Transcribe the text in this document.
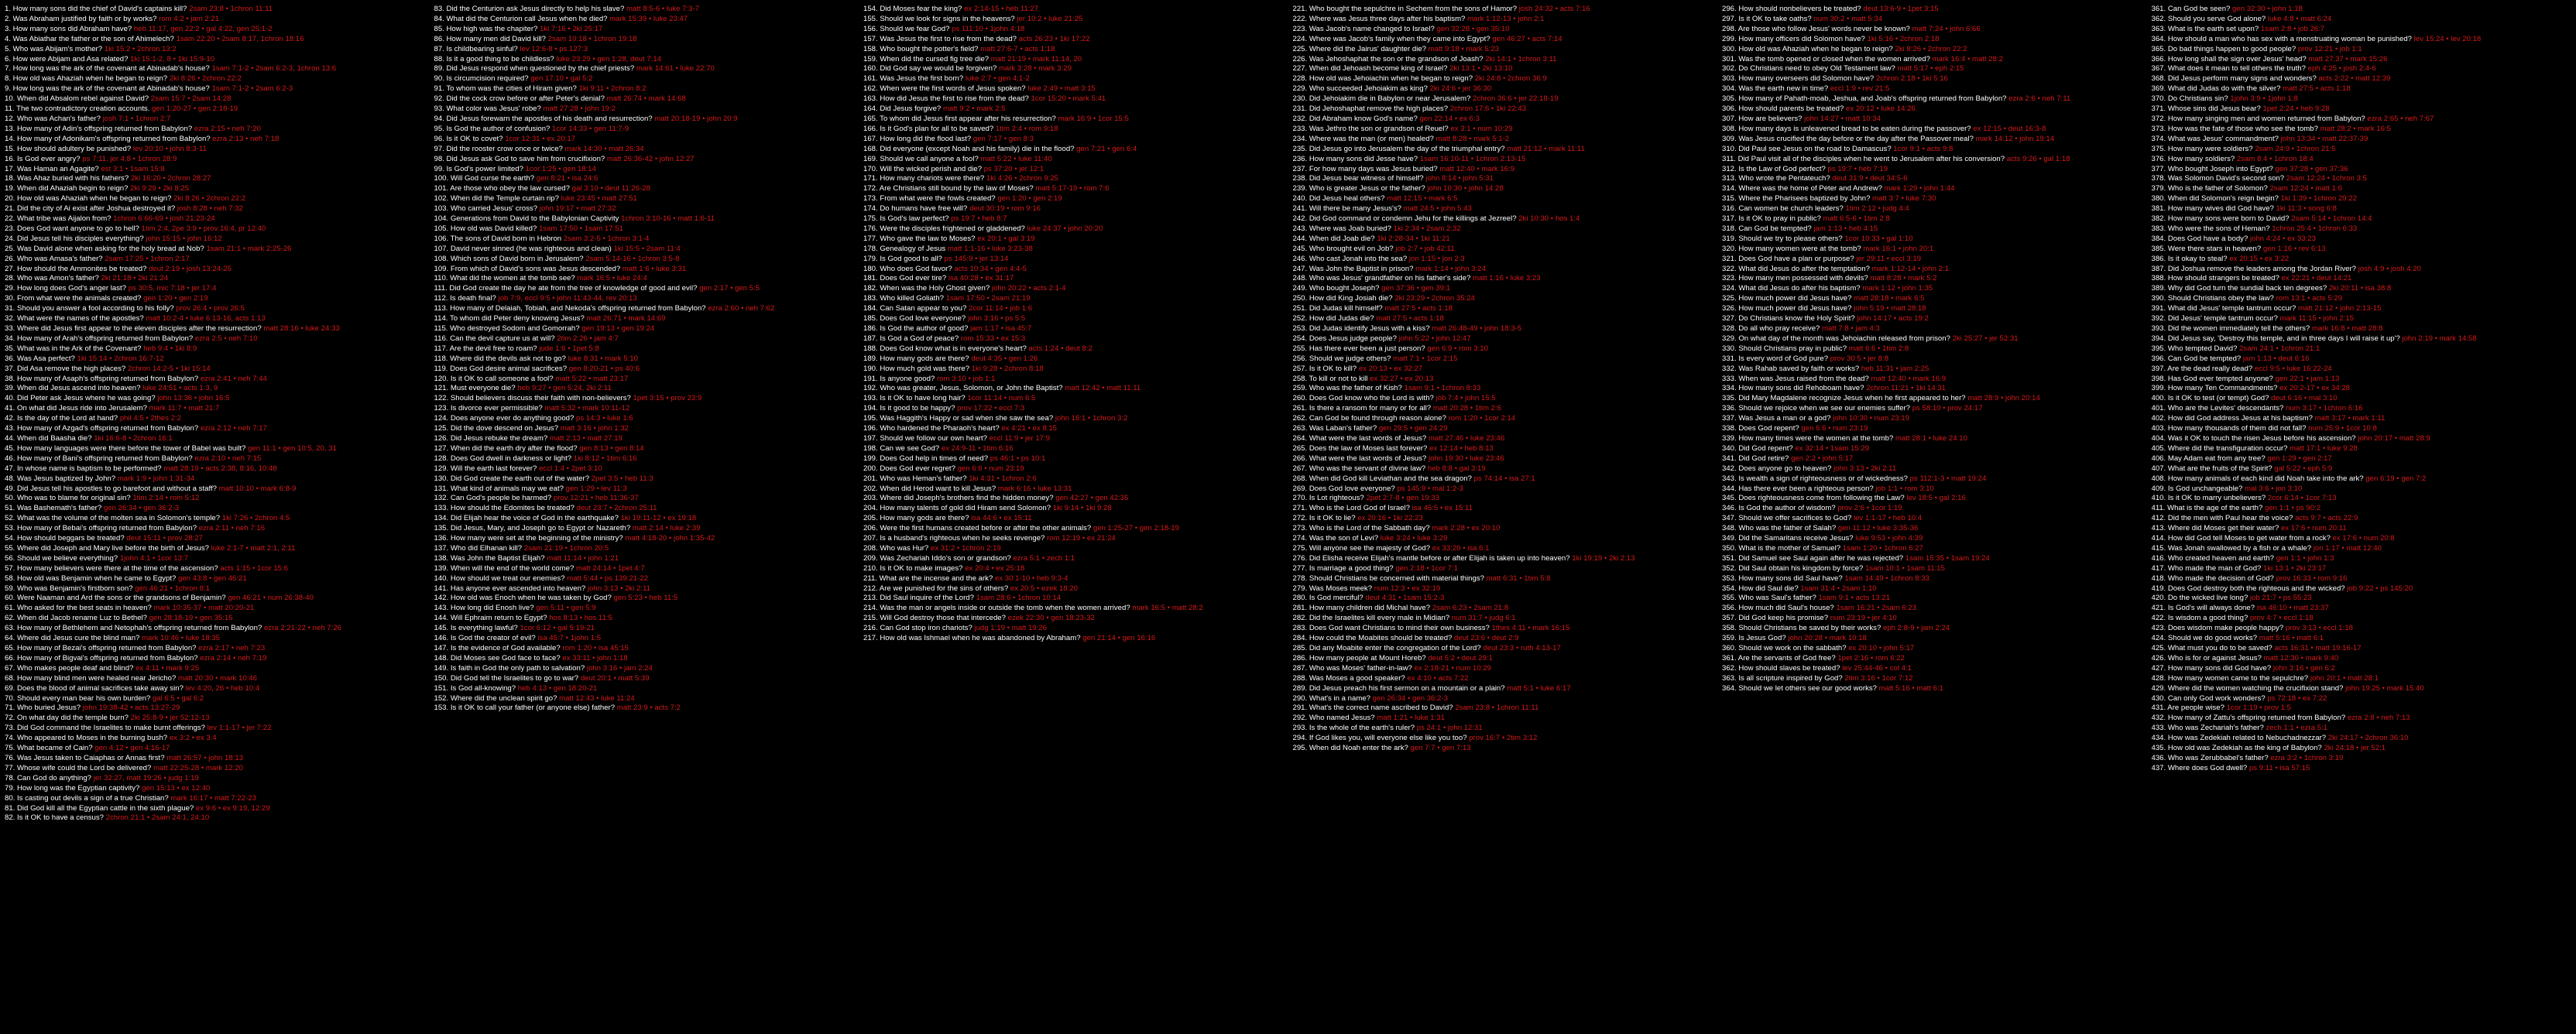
1. How many sons did the chief of David's captains kill? 2sam 23:8 • 1chron 11:11
2. Was Abraham justified by faith or by works? rom 4:2 • jam 2:21
3. How many sons did Abraham have? heb 11:17, gen 22:2 • gal 4:22, gen 25:1-2
4. Was Abiathar the father or the son of Ahimelech? 1sam 22:20 • 2sam 8:17, 1chron 18:16
5. Who was Abijam's mother? 1ki 15:2 • 2chron 13:2
6. How were Abijam and Asa related? 1ki 15:1-2, 8 • 1ki 15:9-10
7. How long was the ark of the covenant at Abinadab's house? 1sam 7:1-2 • 2sam 6:2-3, 1chron 13:6
8. How old was Ahaziah when he began to reign? 2ki 8:26 • 2chron 22:2
9. How long was the ark of the covenant at Abinadab's house? 1sam 7:1-2 • 2sam 6:2-3
10. When did Absalom rebel against David? 2sam 15:7 • 2sam 14:28
11. The two contradictory creation accounts. gen 1:20-27 • gen 2:18-19
12. Who was Achan's father? josh 7:1 • 1chron 2:7
13. How many of Adin's offspring returned from Babylon? ezra 2:15 • neh 7:20
14. How many of Adonikam's offspring returned from Babylon? ezra 2:13 • neh 7:18
15. How should adultery be punished? lev 20:10 • john 8:3-11
16. Is God ever angry? ps 7:11, jer 4:8 • 1chron 28:9
17. Was Haman an Agagite? est 3:1 • 1sam 15:8
18. Was Ahaz buried with his fathers? 2ki 16:20 • 2chron 28:27
19. When did Ahaziah begin to reign? 2ki 9:29 • 2ki 8:25
20. How old was Ahaziah when he began to reign? 2ki 8:26 • 2chron 22:2
21. Did the city of Ai exist after Joshua destroyed it? josh 8:28 • neh 7:32
22. What tribe was Aijalon from? 1chron 6:66-69 • josh 21:23-24
23. Does God want anyone to go to hell? 1tim 2:4, 2pe 3:9 • prov 16:4, pr 12:40
24. Did Jesus tell his disciples everything? john 15:15 • john 16:12
25. Was David alone when asking for the holy bread at Nob? 1sam 21:1 • mark 2:25-26
26. Who was Amasa's father? 2sam 17:25 • 1chron 2:17
27. How should the Ammonites be treated? deut 2:19 • josh 13:24-25
28. Who was Amon's father? 2ki 21:18 • 2ki 21:24
29. How long does God's anger last? ps 30:5, mic 7:18 • jer 17:4
30. From what were the animals created? gen 1:20 • gen 2:19
31. Should you answer a fool according to his folly? prov 26:4 • prov 26:5
32. What were the names of the apostles? matt 10:2-4 • luke 6:13-16, acts 1:13
33. Where did Jesus first appear to the eleven disciples after the resurrection? matt 28:16 • luke 24:33
34. How many of Arah's offspring returned from Babylon? ezra 2:5 • neh 7:10
35. What was in the Ark of the Covenant? heb 9:4 • 1ki 8:9
36. Was Asa perfect? 1ki 15:14 • 2chron 16:7-12
37. Did Asa remove the high places? 2chron 14:2-5 • 1ki 15:14
38. How many of Asaph's offspring returned from Babylon? ezra 2:41 • neh 7:44
39. When did Jesus ascend into heaven? luke 24:51 • acts 1:3, 9
40. Did Peter ask Jesus where he was going? john 13:36 • john 16:5
41. On what did Jesus ride into Jerusalem? mark 11:7 • matt 21:7
42. Is the day of the Lord at hand? phil 4:5 • 2thes 2:2
43. How many of Azgad's offspring returned from Babylon? ezra 2:12 • neh 7:17
44. When did Baasha die? 1ki 16:6-8 • 2chron 16:1
45. How many languages were there before the tower of Babel was built? gen 11:1 • gen 10:5, 20, 31
46. How many of Bani's offspring returned from Babylon? ezra 2:10 • neh 7:15
47. In whose name is baptism to be performed? matt 28:19 • acts 2:38, 8:16, 10:48
48. Was Jesus baptized by John? mark 1:9 • john 1:31-34
49. Did Jesus tell his apostles to go barefoot and without a staff? matt 10:10 • mark 6:8-9
50. Who was to blame for original sin? 1tim 2:14 • rom 5:12
51. Was Bashemath's father? gen 26:34 • gen 36:2-3
52. What was the volume of the molten sea in Solomon's temple? 1ki 7:26 • 2chron 4:5
53. How many of Bebai's offspring returned from Babylon? ezra 2:11 • neh 7:16
54. How should beggars be treated? deut 15:11 • prov 28:27
55. Where did Joseph and Mary live before the birth of Jesus? luke 2:1-7 • matt 2:1, 2:11
56. Should we believe everything? 1john 4:1 • 1cor 13:7
57. How many believers were there at the time of the ascension? acts 1:15 • 1cor 15:6
58. How old was Benjamin when he came to Egypt? gen 43:8 • gen 46:21
59. Who was Benjamin's firstborn son? gen 46:21 • 1chron 8:1
60. Were Naaman and Ard the sons or the grandsons of Benjamin? gen 46:21 • num 26:38-40
61. Who asked for the best seats in heaven? mark 10:35-37 • matt 20:20-21
62. When did Jacob rename Luz to Bethel? gen 28:18-19 • gen 35:15
63. How many of Bethlehem and Netophah's offspring returned from Babylon? ezra 2:21-22 • neh 7:26
64. Where did Jesus cure the blind man? mark 10:46 • luke 18:35
65. How many of Bezai's offspring returned from Babylon? ezra 2:17 • neh 7:23
66. How many of Bigvai's offspring returned from Babylon? ezra 2:14 • neh 7:19
67. Who makes people deaf and blind? ex 4:11 • mark 9:25
68. How many blind men were healed near Jericho? matt 20:30 • mark 10:46
69. Does the blood of animal sacrifices take away sin? lev 4:20, 26 • heb 10:4
70. Should every man bear his own burden? gal 6:5 • gal 6:2
71. Who buried Jesus? john 19:38-42 • acts 13:27-29
72. On what day did the temple burn? 2ki 25:8-9 • jer 52:12-13
73. Did God command the Israelites to make burnt offerings? lev 1:1-17 • jer 7:22
74. Who appeared to Moses in the burning bush? ex 3:2 • ex 3:4
75. What became of Cain? gen 4:12 • gen 4:16-17
76. Was Jesus taken to Caiaphas or Annas first? matt 26:57 • john 18:13
77. Whose wife could the Lord be delivered? matt 22:25-28 • mark 12:20
78. Can God do anything? jer 32:27, matt 19:26 • judg 1:19
79. How long was the Egyptian captivity? gen 15:13 • ex 12:40
80. Is casting out devils a sign of a true Christian? mark 16:17 • matt 7:22-23
81. Did God kill all the Egyptian cattle in the sixth plague? ex 9:6 • ex 9:19, 12:29
82. Is it OK to have a census? 2chron 21:1 • 2sam 24:1, 24:10
83. Did the Centurion ask Jesus directly to help his slave? matt 8:5-6 • luke 7:3-7
84. What did the Centurion call Jesus when he died? mark 15:39 • luke 23:47
85. How high was the chapiter? 1ki 7:16 • 2ki 25:17
86. How many men did David kill? 2sam 10:18 • 1chron 19:18
87. Is childbearing sinful? lev 12:6-8 • ps 127:3
88. Is it a good thing to be childless? luke 23:29 • gen 1:28, deut 7:14
89. Did Jesus respond when questioned by the chief priests? mark 14:61 • luke 22:70
90. Is circumcision required? gen 17:10 • gal 5:2
91. To whom was the cities of Hiram given? 1ki 9:11 • 2chron 8:2
92. Did the cock crow before or after Peter's denial? matt 26:74 • mark 14:68
93. What color was Jesus' robe? matt 27:28 • john 19:2
94. Did Jesus forewarn the apostles of his death and resurrection? matt 20:18-19 • john 20:9
95. Is God the author of confusion? 1cor 14:33 • gen 11:7-9
96. Is it OK to covet? 1cor 12:31 • ex 20:17
97. Did the rooster crow once or twice? mark 14:30 • matt 26:34
98. Did Jesus ask God to save him from crucifixion? matt 26:36-42 • john 12:27
99. Is God's power limited? 1cor 1:25 • gen 18:14
100. Will God curse the earth? gen 8:21 • isa 24:6
101. Are those who obey the law cursed? gal 3:10 • deut 11:26-28
102. When did the Temple curtain rip? luke 23:45 • matt 27:51
103. Who carried Jesus' cross? john 19:17 • matt 27:32
104. Generations from David to the Babylonian Captivity 1chron 3:10-16 • matt 1:6-11
105. How old was David killed? 1sam 17:50 • 1sam 17:51
106. The sons of David born in Hebron 2sam 3:2-5 • 1chron 3:1-4
107. David never sinned (he was righteous and clean) 1ki 15:5 • 2sam 11:4
108. Which sons of David born in Jerusalem? 2sam 5:14-16 • 1chron 3:5-8
109. From which of David's sons was Jesus descended? matt 1:6 • luke 3:31
110. What did the women at the tomb see? mark 16:5 • luke 24:4
111. Did God create the day he ate from the tree of knowledge of good and evil? gen 2:17 • gen 5:5
112. Is death final? job 7:9, eccl 9:5 • john 11:43-44, rev 20:13
113. How many of Delaiah, Tobiah, and Nekoda's offspring returned from Babylon? ezra 2:60 • neh 7:62
114. To whom did Peter deny knowing Jesus? matt 26:71 • mark 14:69
115. Who destroyed Sodom and Gomorrah? gen 19:13 • gen 19:24
116. Can the devil capture us at will? 2tim 2:26 • jam 4:7
117. Are the devil free to roam? jude 1:6 • 1pet 5:8
118. Where did the devils ask not to go? luke 8:31 • mark 5:10
119. Does God desire animal sacrifices? gen 8:20-21 • ps 40:6
120. Is it OK to call someone a fool? matt 5:22 • matt 23:17
121. Must everyone die? heb 9:27 • gen 5:24, 2ki 2:11
122. Should believers discuss their faith with non-believers? 1pet 3:15 • prov 23:9
123. Is divorce ever permissible? matt 5:32 • mark 10:11-12
124. Does anyone ever do anything good? ps 14:3 • luke 1:6
125. Did the dove descend on Jesus? matt 3:16 • john 1:32
126. Did Jesus rebuke the dream? matt 2:13 • matt 27:19
127. When did the earth dry after the flood? gen 8:13 • gen 8:14
128. Does God dwell in darkness or light? 1ki 8:12 • 1tim 6:16
129. Will the earth last forever? eccl 1:4 • 2pet 3:10
130. Did God create the earth out of the water? 2pet 3:5 • heb 11:3
131. What kind of animals may we eat? gen 1:29 • lev 11:3
132. Can God's people be harmed? prov 12:21 • heb 11:36-37
133. How should the Edomites be treated? deut 23:7 • 2chron 25:11
134. Did Elijah hear the voice of God in the earthquake? 1ki 19:11-12 • ex 19:18
135. Did Jesus, Mary, and Joseph go to Egypt or Nazareth? matt 2:14 • luke 2:39
136. How many were set at the beginning of the ministry? matt 4:18-20 • john 1:35-42
137. Who did Elhanan kill? 2sam 21:19 • 1chron 20:5
138. Was John the Baptist Elijah? matt 11:14 • john 1:21
139. When will the end of the world come? matt 24:14 • 1pet 4:7
140. How should we treat our enemies? matt 5:44 • ps 139:21-22
141. Has anyone ever ascended into heaven? john 3:13 • 2ki 2:11
142. How old was Enoch when he was taken by God? gen 5:23 • heb 11:5
143. How long did Enosh live? gen 5:11 • gen 5:9
144. Will Ephraim return to Egypt? hos 8:13 • hos 11:5
145. Is everything lawful? 1cor 6:12 • gal 5:19-21
146. Is God the creator of evil? isa 45:7 • 1john 1:5
147. Is the evidence of God available? rom 1:20 • isa 45:15
148. Did Moses see God face to face? ex 33:11 • john 1:18
149. Is faith in God the only path to salvation? john 3:16 • jam 2:24
150. Did God tell the Israelites to go to war? deut 20:1 • matt 5:39
151. Is God all-knowing? heb 4:13 • gen 18:20-21
152. Where did the unclean spirit go? matt 12:43 • luke 11:24
153. Is it OK to call your father (or anyone else) father? matt 23:9 • acts 7:2
154. Did Moses fear the king? ex 2:14-15 • heb 11:27
155. Should we look for signs in the heavens? jer 10:2 • luke 21:25
156. Should we fear God? ps 111:10 • 1john 4:18
157. Was Jesus the first to rise from the dead? acts 26:23 • 1ki 17:22
158. Who bought the potter's field? matt 27:6-7 • acts 1:18
159. When did the cursed fig tree die? matt 21:19 • mark 11:14, 20
160. Did God say we would be forgiven? mark 3:28 • mark 3:29
161. Was Jesus the first born? luke 2:7 • gen 4:1-2
162. When were the first words of Jesus spoken? luke 2:49 • matt 3:15
163. How did Jesus the first to rise from the dead? 1cor 15:20 • mark 5:41
164. Did Jesus forgive? matt 9:2 • mark 2:5
165. To whom did Jesus first appear after his resurrection? mark 16:9 • 1cor 15:5
166. Is it God's plan for all to be saved? 1tim 2:4 • rom 9:18
167. How long did the flood last? gen 7:17 • gen 8:3
168. Did everyone (except Noah and his family) die in the flood? gen 7:21 • gen 6:4
169. Should we call anyone a fool? matt 5:22 • luke 11:40
170. Will the wicked perish and die? ps 37:20 • jer 12:1
171. How many chariots were there? 1ki 4:26 • 2chron 9:25
172. Are Christians still bound by the law of Moses? matt 5:17-19 • rom 7:6
173. From what were the fowls created? gen 1:20 • gen 2:19
174. Do humans have free will? deut 30:19 • rom 9:16
175. Is God's law perfect? ps 19:7 • heb 8:7
176. Were the disciples frightened or gladdened? luke 24:37 • john 20:20
177. Who gave the law to Moses? ex 20:1 • gal 3:19
178. Genealogy of Jesus matt 1:1-16 • luke 3:23-38
179. Is God good to all? ps 145:9 • jer 13:14
180. Who does God favor? acts 10:34 • gen 4:4-5
181. Does God ever tire? isa 40:28 • ex 31:17
182. When was the Holy Ghost given? john 20:22 • acts 2:1-4
183. Who killed Goliath? 1sam 17:50 • 2sam 21:19
184. Can Satan appear to you? 2cor 11:14 • job 1:6
185. Does God love everyone? john 3:16 • ps 5:5
186. Is God the author of good? jam 1:17 • isa 45:7
187. Is God a God of peace? rom 15:33 • ex 15:3
188. Does God know what is in everyone's heart? acts 1:24 • deut 8:2
189. How many gods are there? deut 4:35 • gen 1:26
190. How much gold was there? 1ki 9:28 • 2chron 8:18
191. Is anyone good? rom 3:10 • job 1:1
192. Who was greater, Jesus, Solomon, or John the Baptist? matt 12:42 • matt 11:11
193. Is it OK to have long hair? 1cor 11:14 • num 6:5
194. Is it good to be happy? prov 17:22 • eccl 7:3
195. Was Haggith's Happy or sad when she saw the sea? john 16:1 • 1chron 3:2
196. Who hardened the Pharaoh's heart? ex 4:21 • ex 8:15
197. Should we follow our own heart? eccl 11:9 • jer 17:9
198. Can we see God? ex 24:9-11 • 1tim 6:16
199. Does God help in times of need? ps 46:1 • ps 10:1
200. Does God ever regret? gen 6:6 • num 23:19
201. Who was Heman's father? 1ki 4:31 • 1chron 2:6
202. When did Herod want to kill Jesus? mark 6:16 • luke 13:31
203. Where did Joseph's brothers find the hidden money? gen 42:27 • gen 42:35
204. How many talents of gold did Hiram send Solomon? 1ki 9:14 • 1ki 9:28
205. How many gods are there? isa 44:6 • ex 15:11
206. Were the first humans created before or after the other animals? gen 1:25-27 • gen 2:18-19
207. Is a husband's righteous when he seeks revenge? rom 12:19 • ex 21:24
208. Who was Hur? ex 31:2 • 1chron 2:19
209. Was Zechariah Iddo's son or grandson? ezra 5:1 • zech 1:1
210. Is it OK to make images? ex 20:4 • ex 25:18
211. What are the incense and the ark? ex 30:1-10 • heb 9:3-4
212. Are we punished for the sins of others? ex 20:5 • ezek 18:20
213. Did Saul inquire of the Lord? 1sam 28:6 • 1chron 10:14
214. Was the man or angels inside or outside the tomb when the women arrived? mark 16:5 • matt 28:2
215. Will God destroy those that intercede? ezek 22:30 • gen 18:23-32
216. Can God stop iron chariots? judg 1:19 • matt 19:26
217. How old was Ishmael when he was abandoned by Abraham? gen 21:14 • gen 16:16
221. Who bought the sepulchre in Sechem from the sons of Hamor? josh 24:32 • acts 7:16
222. Where was Jesus three days after his baptism? mark 1:12-13 • john 2:1
223. Was Jacob's name changed to Israel? gen 32:28 • gen 35:10
224. Where was Jacob's family when they came into Egypt? gen 46:27 • acts 7:14
225. Where did the Jairus' daughter die? matt 9:18 • mark 5:23
226. Was Jehoshaphat the son or the grandson of Joash? 2ki 14:1 • 1chron 3:11
227. When did Jehoash become king of Israel? 2ki 13:1 • 2ki 13:10
228. How old was Jehoiachin when he began to reign? 2ki 24:8 • 2chron 36:9
229. Who succeeded Jehoiakim as king? 2ki 24:6 • jer 36:30
230. Did Jehoiakim die in Babylon or near Jerusalem? 2chron 36:6 • jer 22:18-19
231. Did Jehoshaphat remove the high places? 2chron 17:6 • 1ki 22:43
232. Did Abraham know God's name? gen 22:14 • ex 6:3
233. Was Jethro the son or grandson of Reuel? ex 3:1 • num 10:29
234. Where was the man (or men) healed? matt 8:28 • mark 5:1-2
235. Did Jesus go into Jerusalem the day of the triumphal entry? matt 21:12 • mark 11:11
236. How many sons did Jesse have? 1sam 16:10-11 • 1chron 2:13-15
237. For how many days was Jesus buried? matt 12:40 • mark 16:9
238. Did Jesus bear witness of himself? john 8:14 • john 5:31
239. Who is greater Jesus or the father? john 10:30 • john 14:28
240. Did Jesus heal others? matt 12:15 • mark 6:5
241. Will there be many Jesus's? matt 24:5 • john 5:43
242. Did God command or condemn Jehu for the killings at Jezreel? 2ki 10:30 • hos 1:4
243. Where was Joab buried? 1ki 2:34 • 2sam 2:32
244. When did Joab die? 1ki 2:28-34 • 1ki 11:21
245. Who brought evil on Job? job 2:7 • job 42:11
246. Who cast Jonah into the sea? jon 1:15 • jon 2:3
247. Was John the Baptist in prison? mark 1:14 • john 3:24
248. Who was Jesus' grandfather on his father's side? matt 1:16 • luke 3:23
249. Who bought Joseph? gen 37:36 • gen 39:1
250. How did King Josiah die? 2ki 23:29 • 2chron 35:24
251. Did Judas kill himself? matt 27:5 • acts 1:18
252. How did Judas die? matt 27:5 • acts 1:18
253. Did Judas identify Jesus with a kiss? matt 26:48-49 • john 18:3-5
254. Does Jesus judge people? john 5:22 • john 12:47
255. Has there ever been a just person? gen 6:9 • rom 3:10
256. Should we judge others? matt 7:1 • 1cor 2:15
257. Is it OK to kill? ex 20:13 • ex 32:27
258. To kill or not to kill ex 32:27 • ex 20:13
259. Who was the father of Kish? 1sam 9:1 • 1chron 8:33
260. Does God know who the Lord is with? job 7:4 • john 15:5
261. Is there a ransom for many or for all? matt 20:28 • 1tim 2:6
262. Can God be found through reason alone? rom 1:20 • 1cor 2:14
263. Was Laban's father? gen 29:5 • gen 24:29
264. What were the last words of Jesus? matt 27:46 • luke 23:46
265. Does the law of Moses last forever? ex 12:14 • heb 8:13
266. What were the last words of Jesus? john 19:30 • luke 23:46
267. Who was the servant of divine law? heb 8:8 • gal 3:19
268. When did God kill Leviathan and the sea dragon? ps 74:14 • isa 27:1
269. Does God love everyone? ps 145:9 • mal 1:2-3
270. Is Lot righteous? 2pet 2:7-8 • gen 19:33
271. Who is the Lord God of Israel? isa 45:5 • ex 15:11
272. Is it OK to lie? ex 20:16 • 1ki 22:23
273. Who is the Lord of the Sabbath day? mark 2:28 • ex 20:10
274. Was the son of Levi? luke 3:24 • luke 3:29
275. Will anyone see the majesty of God? ex 33:20 • isa 6:1
276. Did Elisha receive Elijah's mantle before or after Elijah is taken up into heaven? 1ki 19:19 • 2ki 2:13
277. Is marriage a good thing? gen 2:18 • 1cor 7:1
278. Should Christians be concerned with material things? matt 6:31 • 1tim 5:8
279. Was Moses meek? num 12:3 • ex 32:19
280. Is God merciful? deut 4:31 • 1sam 15:2-3
281. How many children did Michal have? 2sam 6:23 • 2sam 21:8
282. Did the Israelites kill every male in Midian? num 31:7 • judg 6:1
283. Does God want Christians to mind their own business? 1thes 4:11 • mark 16:15
284. How could the Moabites should be treated? deut 23:6 • deut 2:9
285. Did any Moabite enter the congregation of the Lord? deut 23:3 • ruth 4:13-17
286. How many people at Mount Horeb? deut 5:2 • deut 29:1
287. Who was Moses' father-in-law? ex 2:18-21 • num 10:29
288. Was Moses a good speaker? ex 4:10 • acts 7:22
289. Did Jesus preach his first sermon on a mountain or a plain? matt 5:1 • luke 6:17
290. What's in a name? gen 26:34 • gen 36:2-3
291. What's the correct name ascribed to David? 2sam 23:8 • 1chron 11:11
292. Who named Jesus? matt 1:21 • luke 1:31
293. Is the whole of the earth's ruler? ps 24:1 • john 12:31
294. If God likes you, will everyone else like you too? prov 16:7 • 2tim 3:12
295. When did Noah enter the ark? gen 7:7 • gen 7:13
296. How should nonbelievers be treated? deut 13:6-9 • 1pet 3:15
297. Is it OK to take oaths? num 30:2 • matt 5:34
298. Are those who follow Jesus' words never be known? matt 7:24 • john 6:66
299. How many officers did Solomon have? 1ki 5:16 • 2chron 2:18
300. How old was Ahaziah when he began to reign? 2ki 8:26 • 2chron 22:2
301. Was the tomb opened or closed when the women arrived? mark 16:4 • matt 28:2
302. Do Christians need to obey Old Testament law? matt 5:17 • eph 2:15
303. How many overseers did Solomon have? 2chron 2:18 • 1ki 5:16
304. Was the earth new in time? eccl 1:9 • rev 21:5
305. How many of Pahath-moab, Jeshua, and Joab's offspring returned from Babylon? ezra 2:6 • neh 7:11
306. How should parents be treated? ex 20:12 • luke 14:26
307. How are believers? john 14:27 • matt 10:34
308. How many days is unleavened bread to be eaten during the passover? ex 12:15 • deut 16:3-8
309. Was Jesus crucified the day before or the day after the Passover meal? mark 14:12 • john 19:14
310. Did Paul see Jesus on the road to Damascus? 1cor 9:1 • acts 9:8
311. Did Paul visit all of the disciples when he went to Jerusalem after his conversion? acts 9:26 • gal 1:18
312. Is the Law of God perfect? ps 19:7 • heb 7:19
313. Who wrote the Pentateuch? deut 31:9 • deut 34:5-6
314. Where was the home of Peter and Andrew? mark 1:29 • john 1:44
315. Where the Pharisees baptized by John? matt 3:7 • luke 7:30
316. Can women be church leaders? 1tim 2:12 • judg 4:4
317. Is it OK to pray in public? matt 6:5-6 • 1tim 2:8
318. Can God be tempted? jam 1:13 • heb 4:15
319. Should we try to please others? 1cor 10:33 • gal 1:10
320. How many women were at the tomb? mark 16:1 • john 20:1
321. Does God have a plan or purpose? jer 29:11 • eccl 3:19
322. What did Jesus do after the temptation? mark 1:12-14 • john 2:1
323. How many men possessed with devils? matt 8:28 • mark 5:2
324. What did Jesus do after his baptism? mark 1:12 • john 1:35
325. How much power did Jesus have? matt 28:18 • mark 6:5
326. How much power did Jesus have? john 5:19 • matt 28:18
327. Do Christians know the Holy Spirit? john 14:17 • acts 19:2
328. Do all who pray receive? matt 7:8 • jam 4:3
329. On what day of the month was Jehoiachin released from prison? 2ki 25:27 • jer 52:31
330. Should Christians pray in public? matt 6:6 • 1tim 2:8
331. Is every word of God pure? prov 30:5 • jer 8:8
332. Was Rahab saved by faith or works? heb 11:31 • jam 2:25
333. When was Jesus raised from the dead? matt 12:40 • mark 16:9
334. How many sons did Rehoboam have? 2chron 11:21 • 1ki 14:31
335. Did Mary Magdalene recognize Jesus when he first appeared to her? matt 28:9 • john 20:14
336. Should we rejoice when we see our enemies suffer? ps 58:10 • prov 24:17
337. Was Jesus a man or a god? john 10:30 • num 23:19
338. Does God repent? gen 6:6 • num 23:19
339. How many times were the women at the tomb? matt 28:1 • luke 24:10
340. Did God repent? ex 32:14 • 1sam 15:29
341. Did God retire? gen 2:2 • john 5:17
342. Does anyone go to heaven? john 3:13 • 2ki 2:11
343. Is wealth a sign of righteousness or of wickedness? ps 112:1-3 • matt 19:24
344. Has there ever been a righteous person? job 1:1 • rom 3:10
345. Does righteousness come from following the Law? lev 18:5 • gal 2:16
346. Is God the author of wisdom? prov 2:6 • 1cor 1:19
347. Should we offer sacrifices to God? lev 1:1-17 • heb 10:4
348. Who was the father of Salah? gen 11:12 • luke 3:35-36
349. Did the Samaritans receive Jesus? luke 9:53 • john 4:39
350. What is the mother of Samuel? 1sam 1:20 • 1chron 6:27
351. Did Samuel see Saul again after he was rejected? 1sam 15:35 • 1sam 19:24
352. Did Saul obtain his kingdom by force? 1sam 10:1 • 1sam 11:15
353. How many sons did Saul have? 1sam 14:49 • 1chron 8:33
354. How did Saul die? 1sam 31:4 • 2sam 1:10
355. Who was Saul's father? 1sam 9:1 • acts 13:21
356. How much did Saul's house? 1sam 16:21 • 2sam 6:23
357. Did God keep his promise? num 23:19 • jer 4:10
358. Should Christians be saved by their works? eph 2:8-9 • jam 2:24
359. Is Jesus God? john 20:28 • mark 10:18
360. Should we work on the sabbath? ex 20:10 • john 5:17
361. Are the servants of God free? 1pet 2:16 • rom 6:22
362. How should slaves be treated? lev 25:44-46 • col 4:1
363. Is all scripture inspired by God? 2tim 3:16 • 1cor 7:12
364. Should we let others see our good works? matt 5:16 • matt 6:1
361. Can God be seen? gen 32:30 • john 1:18
362. Should you serve God alone? luke 4:8 • matt 6:24
363. What is the earth set upon? 1sam 2:8 • job 26:7
364. How should a man who has sex with a menstruating woman be punished? lev 15:24 • lev 20:18
365. Do bad things happen to good people? prov 12:21 • job 1:1
366. How long shall the sign over Jesus' head? matt 27:37 • mark 15:26
367. What does it mean to tell others the truth? eph 4:25 • josh 2:4-6
368. Did Jesus perform many signs and wonders? acts 2:22 • matt 12:39
369. What did Judas do with the silver? matt 27:5 • acts 1:18
370. Do Christians sin? 1john 3:9 • 1john 1:8
371. Whose sins did Jesus bear? 1pet 2:24 • heb 9:28
372. How many singing men and women returned from Babylon? ezra 2:65 • neh 7:67
373. How was the fate of those who see the tomb? matt 28:2 • mark 16:5
374. What was Jesus' commandment? john 13:34 • matt 22:37-39
375. How many were soldiers? 2sam 24:9 • 1chron 21:5
376. How many soldiers? 2sam 8:4 • 1chron 18:4
377. Who bought Joseph into Egypt? gen 37:28 • gen 37:36
378. Was Solomon David's second son? 2sam 12:24 • 1chron 3:5
379. Who is the father of Solomon? 2sam 12:24 • matt 1:6
380. When did Solomon's reign begin? 1ki 1:39 • 1chron 29:22
381. How many wives did God have? 1ki 11:3 • song 6:8
382. How many sons were born to David? 2sam 5:14 • 1chron 14:4
383. Who were the sons of Heman? 1chron 25:4 • 1chron 6:33
384. Does God have a body? john 4:24 • ex 33:23
385. Were there stars in heaven? gen 1:16 • rev 6:13
386. Is it okay to steal? ex 20:15 • ex 3:22
387. Did Joshua remove the leaders among the Jordan River? josh 4:9 • josh 4:20
388. How should strangers be treated? ex 22:21 • deut 14:21
389. Why did God turn the sundial back ten degrees? 2ki 20:11 • isa 38:8
390. Should Christians obey the law? rom 13:1 • acts 5:29
391. What did Jesus' temple tantrum occur? matt 21:12 • john 2:13-15
392. Did Jesus' temple tantrum occur? mark 11:15 • john 2:15
393. Did the women immediately tell the others? mark 16:8 • matt 28:8
394. Did Jesus say, 'Destroy this temple, and in three days I will raise it up'? john 2:19 • mark 14:58
395. Who tempted David? 2sam 24:1 • 1chron 21:1
396. Can God be tempted? jam 1:13 • deut 6:16
397. Are the dead really dead? eccl 9:5 • luke 16:22-24
398. Has God ever tempted anyone? gen 22:1 • jam 1:13
399. How many Ten Commandments? ex 20:2-17 • ex 34:28
400. Is it OK to test (or tempt) God? deut 6:16 • mal 3:10
401. Who are the Levites' descendants? num 3:17 • 1chron 6:16
402. How did God address Jesus at his baptism? matt 3:17 • mark 1:11
403. How many thousands of them did not fall? num 25:9 • 1cor 10:8
404. Was it OK to touch the risen Jesus before his ascension? john 20:17 • matt 28:9
405. Where did the transfiguration occur? matt 17:1 • luke 9:28
406. May Adam eat from any tree? gen 1:29 • gen 2:17
407. What are the fruits of the Spirit? gal 5:22 • eph 5:9
408. How many animals of each kind did Noah take into the ark? gen 6:19 • gen 7:2
409. Is God unchangeable? mal 3:6 • jon 3:10
410. Is it OK to marry unbelievers? 2cor 6:14 • 1cor 7:13
411. What is the age of the earth? gen 1:1 • ps 90:2
412. Did the men with Paul hear the voice? acts 9:7 • acts 22:9
413. Where did Moses get their water? ex 17:6 • num 20:11
414. How did God tell Moses to get water from a rock? ex 17:6 • num 20:8
415. Was Jonah swallowed by a fish or a whale? jon 1:17 • matt 12:40
416. Who created heaven and earth? gen 1:1 • john 1:3
417. Who made the man of God? 1ki 13:1 • 2ki 23:17
418. Who made the decision of God? prov 16:33 • rom 9:16
419. Does God destroy both the righteous and the wicked? job 9:22 • ps 145:20
420. Do the wicked live long? job 21:7 • ps 55:23
421. Is God's will always done? isa 46:10 • matt 23:37
422. Is wisdom a good thing? prov 4:7 • eccl 1:18
423. Does wisdom make people happy? prov 3:13 • eccl 1:18
424. Should we do good works? matt 5:16 • matt 6:1
425. What must you do to be saved? acts 16:31 • matt 19:16-17
426. Who is for or against Jesus? matt 12:30 • mark 9:40
427. How many sons did God have? john 3:16 • gen 6:2
428. How many women came to the sepulchre? john 20:1 • matt 28:1
429. Where did the women watching the crucifixion stand? john 19:25 • mark 15:40
430. Can only God work wonders? ps 72:18 • ex 7:22
431. Are people wise? 1cor 1:19 • prov 1:5
432. How many of Zattu's offspring returned from Babylon? ezra 2:8 • neh 7:13
433. Who was Zechariah's father? zech 1:1 • ezra 5:1
434. How was Zedekiah related to Nebuchadnezzar? 2ki 24:17 • 2chron 36:10
435. How old was Zedekiah as the king of Babylon? 2ki 24:18 • jer 52:1
436. Who was Zerubbabel's father? ezra 3:2 • 1chron 3:19
437. Where does God dwell? ps 9:11 • isa 57:15
